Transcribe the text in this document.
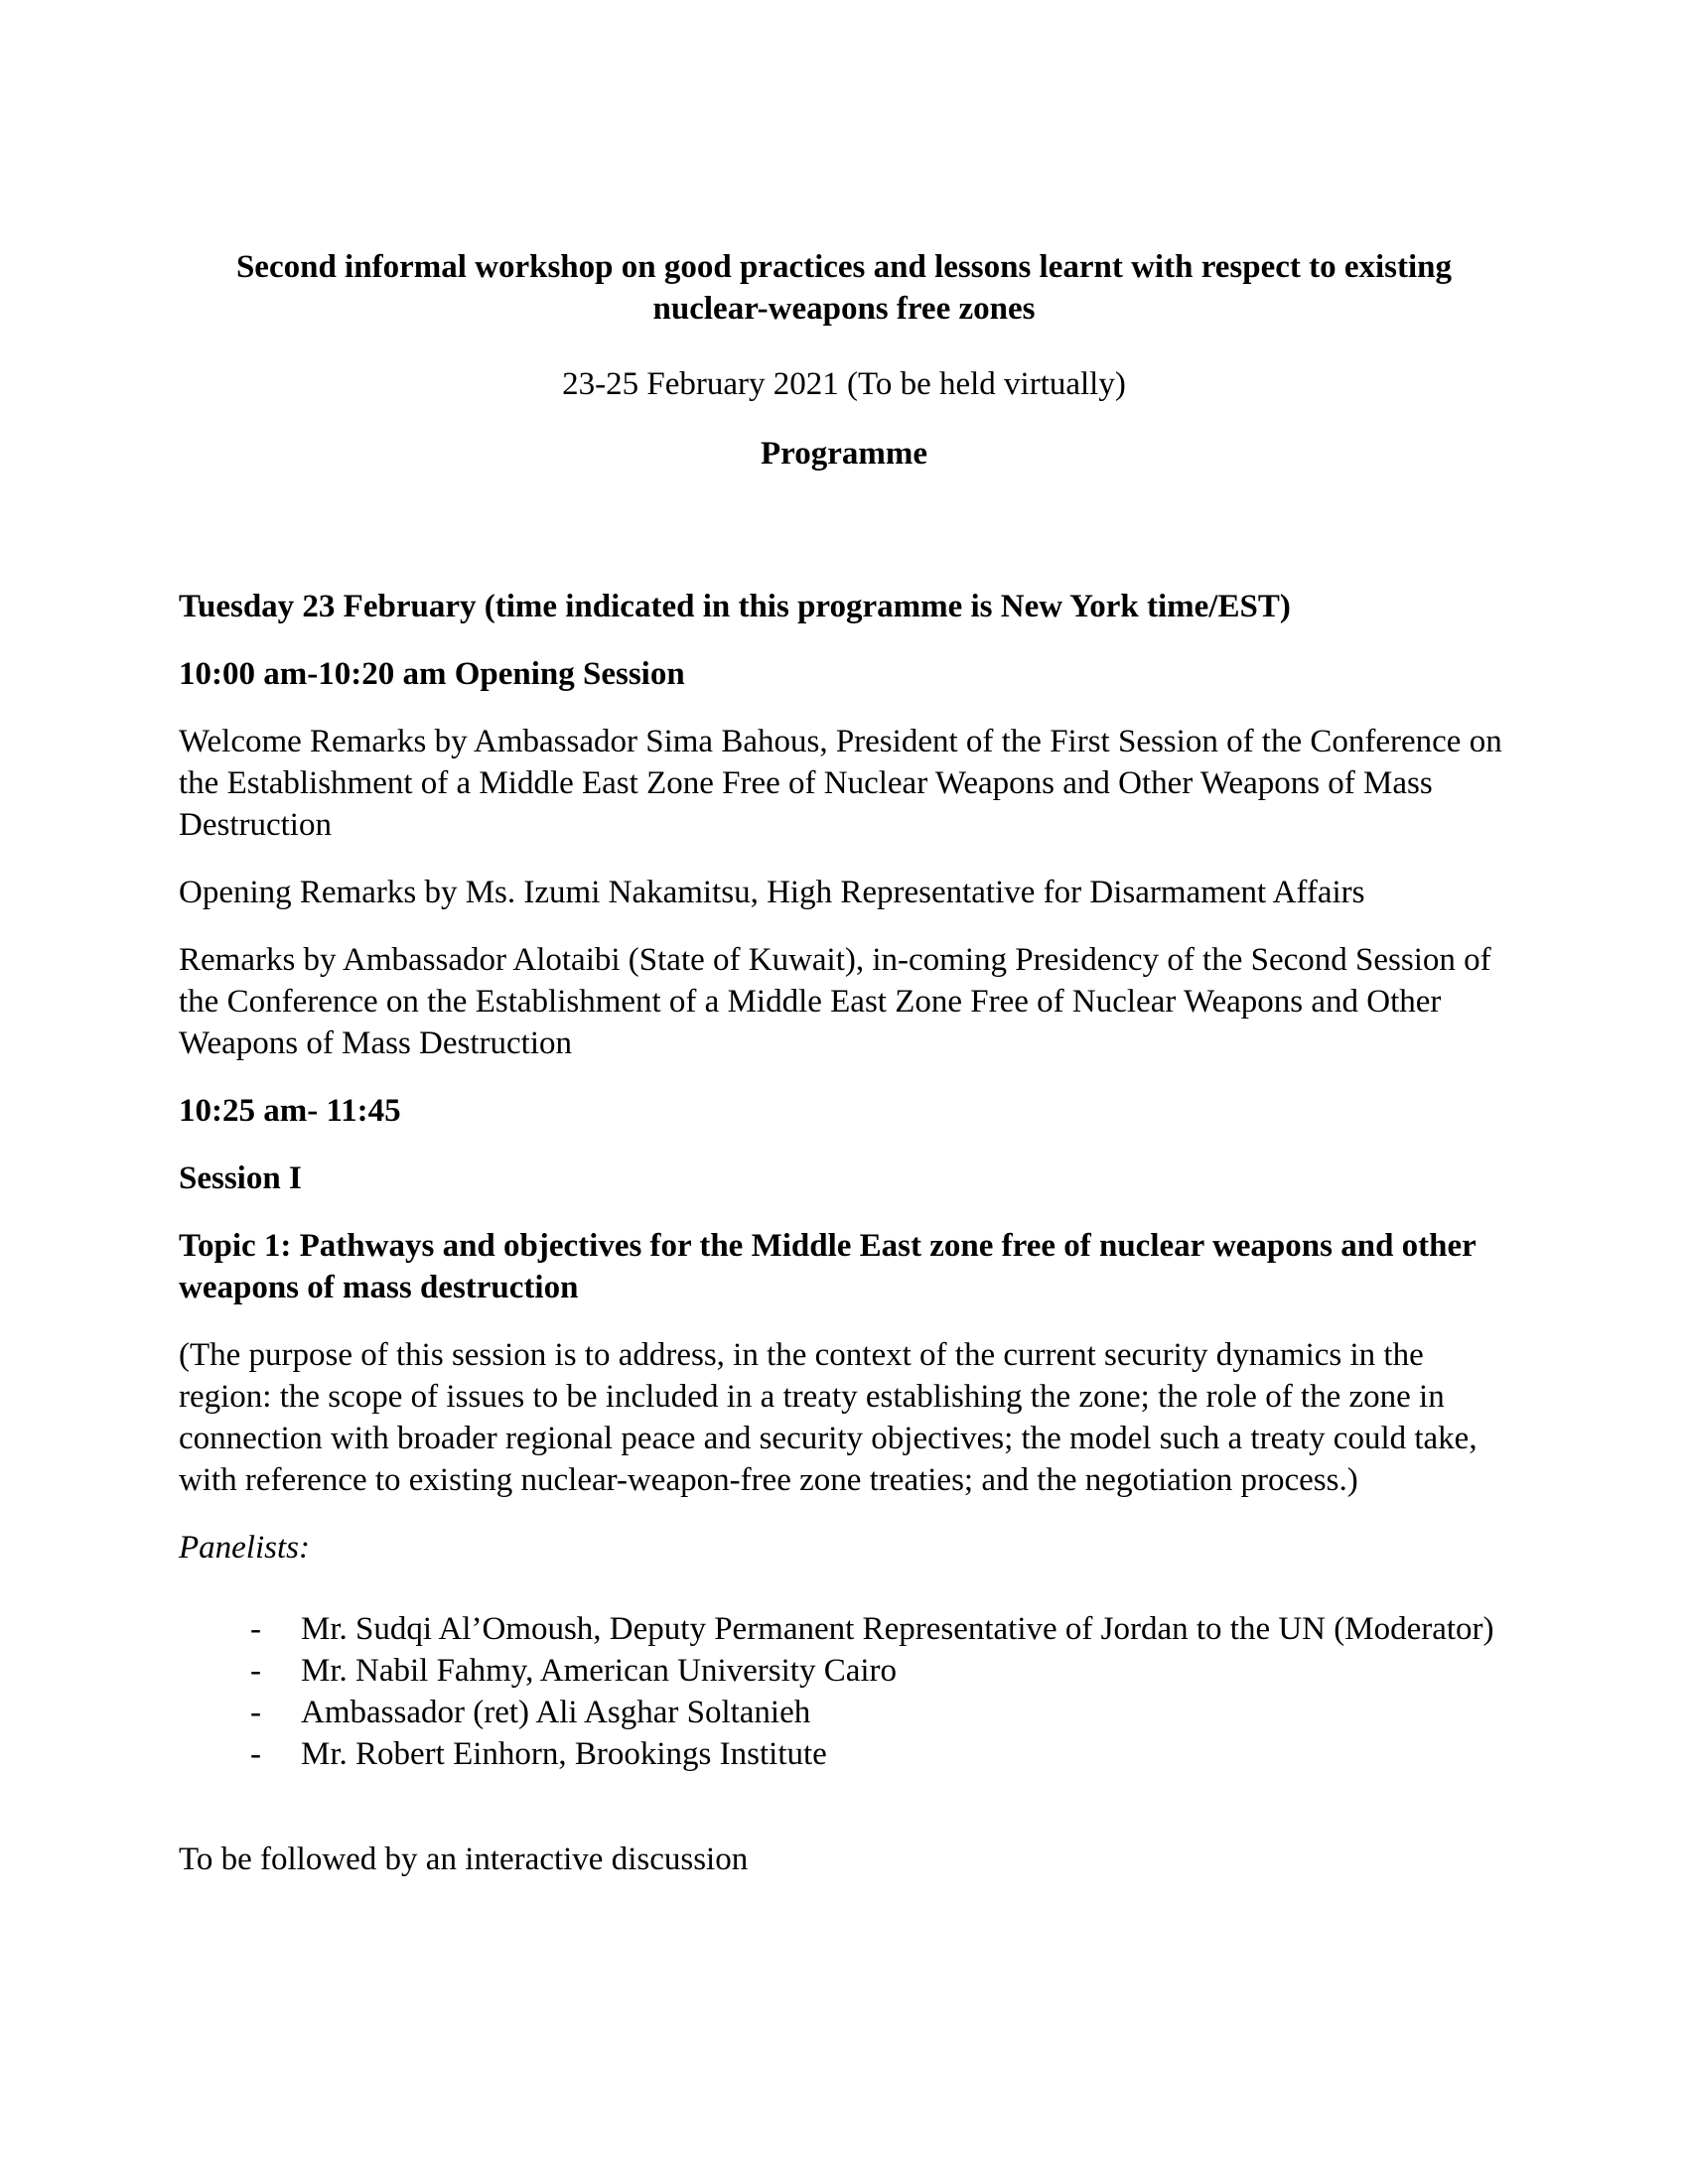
Second informal workshop on good practices and lessons learnt with respect to existing nuclear-weapons free zones
23-25 February 2021 (To be held virtually)
Programme
Tuesday 23 February (time indicated in this programme is New York time/EST)
10:00 am-10:20 am Opening Session
Welcome Remarks by Ambassador Sima Bahous, President of the First Session of the Conference on the Establishment of a Middle East Zone Free of Nuclear Weapons and Other Weapons of Mass Destruction
Opening Remarks by Ms. Izumi Nakamitsu, High Representative for Disarmament Affairs
Remarks by Ambassador Alotaibi (State of Kuwait), in-coming Presidency of the Second Session of the Conference on the Establishment of a Middle East Zone Free of Nuclear Weapons and Other Weapons of Mass Destruction
10:25 am- 11:45
Session I
Topic 1: Pathways and objectives for the Middle East zone free of nuclear weapons and other weapons of mass destruction
(The purpose of this session is to address, in the context of the current security dynamics in the region: the scope of issues to be included in a treaty establishing the zone; the role of the zone in connection with broader regional peace and security objectives; the model such a treaty could take, with reference to existing nuclear-weapon-free zone treaties; and the negotiation process.)
Panelists:
- Mr. Sudqi Al’Omoush, Deputy Permanent Representative of Jordan to the UN (Moderator)
- Mr. Nabil Fahmy, American University Cairo
- Ambassador (ret) Ali Asghar Soltanieh
- Mr. Robert Einhorn, Brookings Institute
To be followed by an interactive discussion
